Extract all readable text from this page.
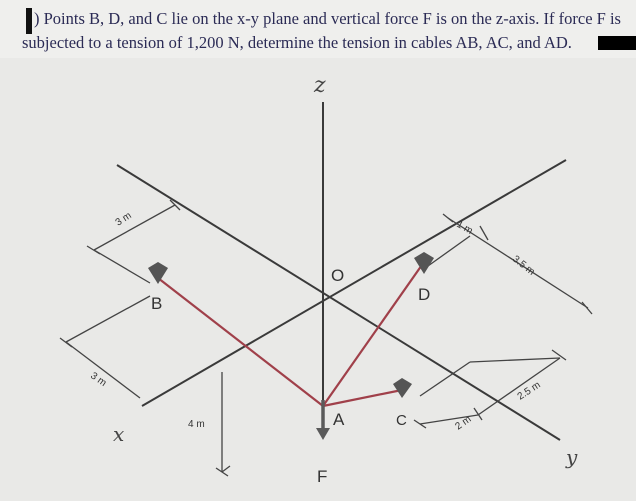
) Points B, D, and C lie on the x-y plane and vertical force F is on the z-axis. If force F is
subjected to a tension of 1,200 N, determine the tension in cables AB, AC, and AD.
O
A
B
C
D
F
z
x
y
3 m
3 m
4 m
1 m
3.5 m
2.5 m
2 m
